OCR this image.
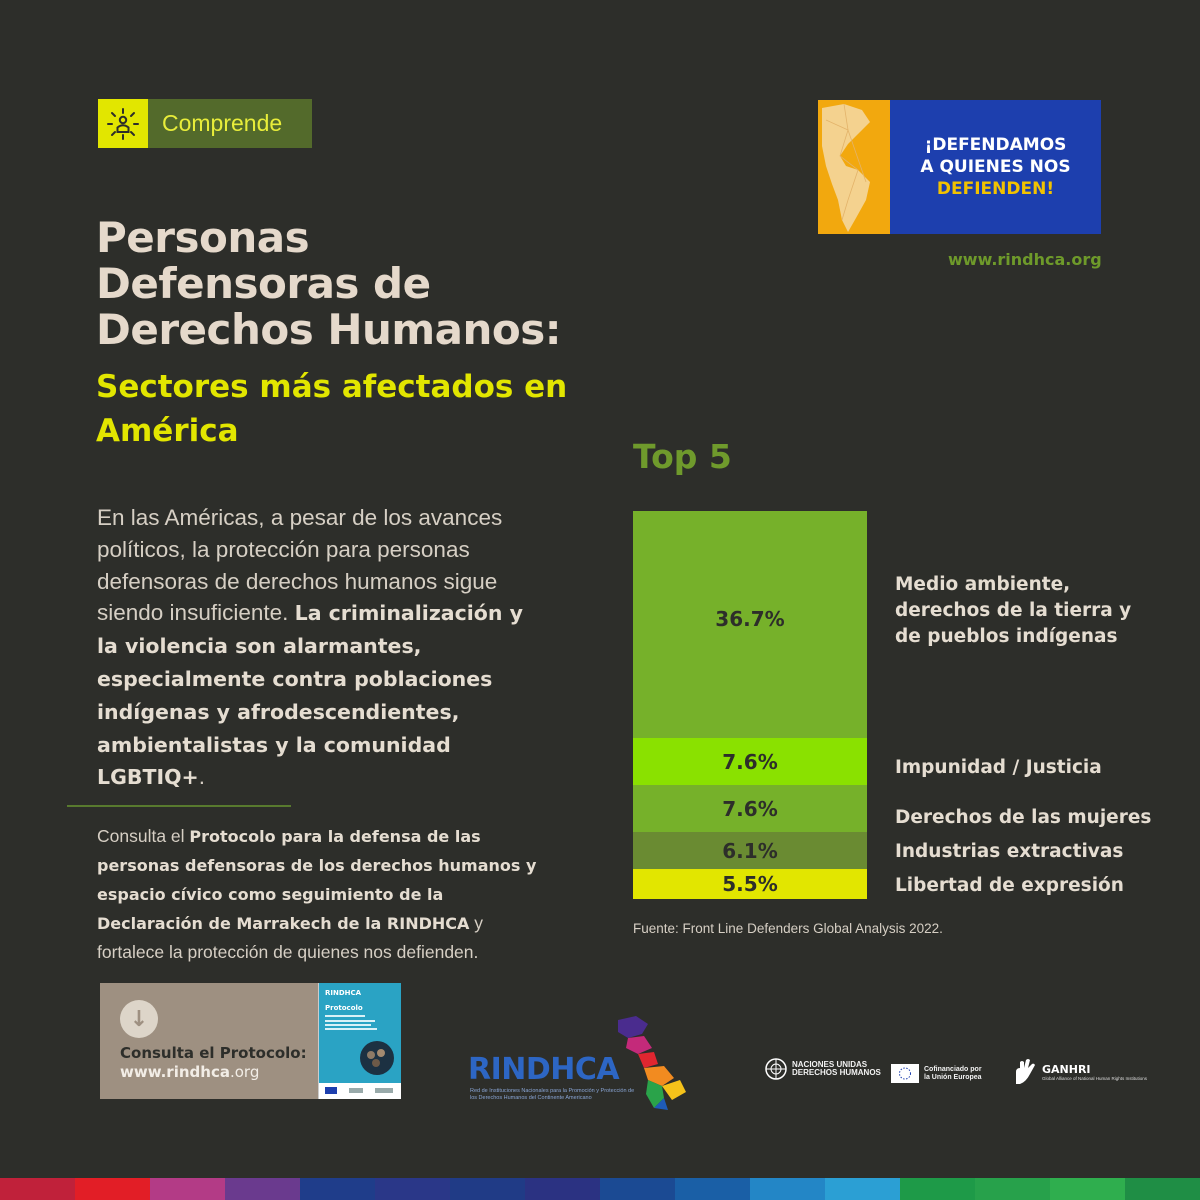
Comprende
Personas
Defensoras de
Derechos Humanos:
Sectores más afectados en
América
En las Américas, a pesar de los avances políticos, la protección para personas defensoras de derechos humanos sigue siendo insuficiente. La criminalización y la violencia son alarmantes, especialmente contra poblaciones indígenas y afrodescendientes, ambientalistas y la comunidad LGBTIQ+.
Consulta el Protocolo para la defensa de las personas defensoras de los derechos humanos y espacio cívico como seguimiento de la Declaración de Marrakech de la RINDHCA y fortalece la protección de quienes nos defienden.
↓
Consulta el Protocolo:
www.rindhca.org
RINDHCA
Protocolo
¡DEFENDAMOS
A QUIENES NOS
DEFIENDEN!
www.rindhca.org
Top 5
36.7%
7.6%
7.6%
6.1%
5.5%
Medio ambiente,
derechos de la tierra y
de pueblos indígenas
Impunidad / Justicia
Derechos de las mujeres
Industrias extractivas
Libertad de expresión
Fuente: Front Line Defenders Global Analysis 2022.
RINDHCA
Red de Instituciones Nacionales para la Promoción y Protección de los Derechos Humanos del Continente Americano
NACIONES UNIDAS
DERECHOS HUMANOS	Cofinanciado por
la Unión Europea
GANHRI
Global Alliance of National Human Rights Institutions
